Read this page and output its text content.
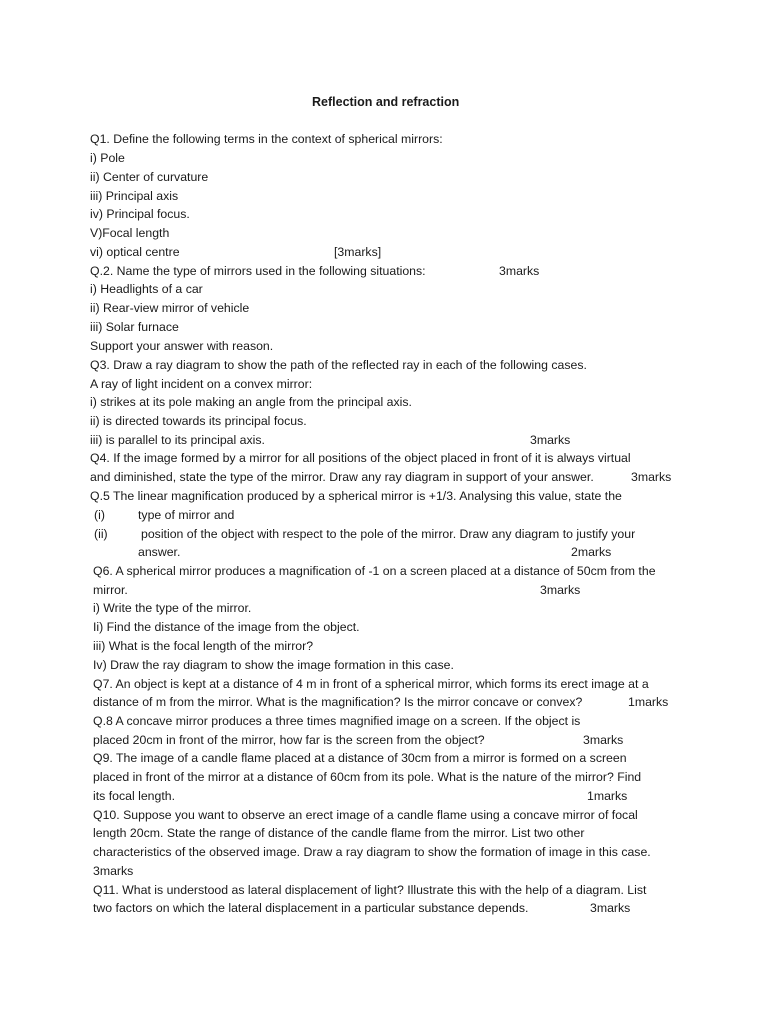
Reflection and refraction
Q1. Define the following terms in the context of spherical mirrors:
i) Pole
ii) Center of curvature
iii) Principal axis
iv) Principal focus.
V)Focal length
vi) optical centre	[3marks]
Q.2. Name the type of mirrors used in the following situations:	3marks
i) Headlights of a car
ii) Rear-view mirror of vehicle
iii) Solar furnace
Support your answer with reason.
Q3. Draw a ray diagram to show the path of the reflected ray in each of the following cases.
A ray of light incident on a convex mirror:
i) strikes at its pole making an angle from the principal axis.
ii) is directed towards its principal focus.
iii) is parallel to its principal axis.	3marks
Q4. If the image formed by a mirror for all positions of the object placed in front of it is always virtual
and diminished, state the type of the mirror. Draw any ray diagram in support of your answer.	3marks
Q.5 The linear magnification produced by a spherical mirror is +1/3. Analysing this value, state the
(i)	type of mirror and
(ii)	position of the object with respect to the pole of the mirror. Draw any diagram to justify your
answer.	2marks
Q6. A spherical mirror produces a magnification of -1 on a screen placed at a distance of 50cm from the
mirror.	3marks
i) Write the type of the mirror.
Ii) Find the distance of the image from the object.
iii) What is the focal length of the mirror?
Iv) Draw the ray diagram to show the image formation in this case.
Q7. An object is kept at a distance of 4 m in front of a spherical mirror, which forms its erect image at a
distance of m from the mirror. What is the magnification? Is the mirror concave or convex?	1marks
Q.8 A concave mirror produces a three times magnified image on a screen. If the object is
placed 20cm in front of the mirror, how far is the screen from the object?	3marks
Q9. The image of a candle flame placed at a distance of 30cm from a mirror is formed on a screen
placed in front of the mirror at a distance of 60cm from its pole. What is the nature of the mirror? Find
its focal length.	1marks
Q10. Suppose you want to observe an erect image of a candle flame using a concave mirror of focal
length 20cm. State the range of distance of the candle flame from the mirror. List two other
characteristics of the observed image. Draw a ray diagram to show the formation of image in this case.
3marks
Q11. What is understood as lateral displacement of light? Illustrate this with the help of a diagram. List
two factors on which the lateral displacement in a particular substance depends.	3marks
